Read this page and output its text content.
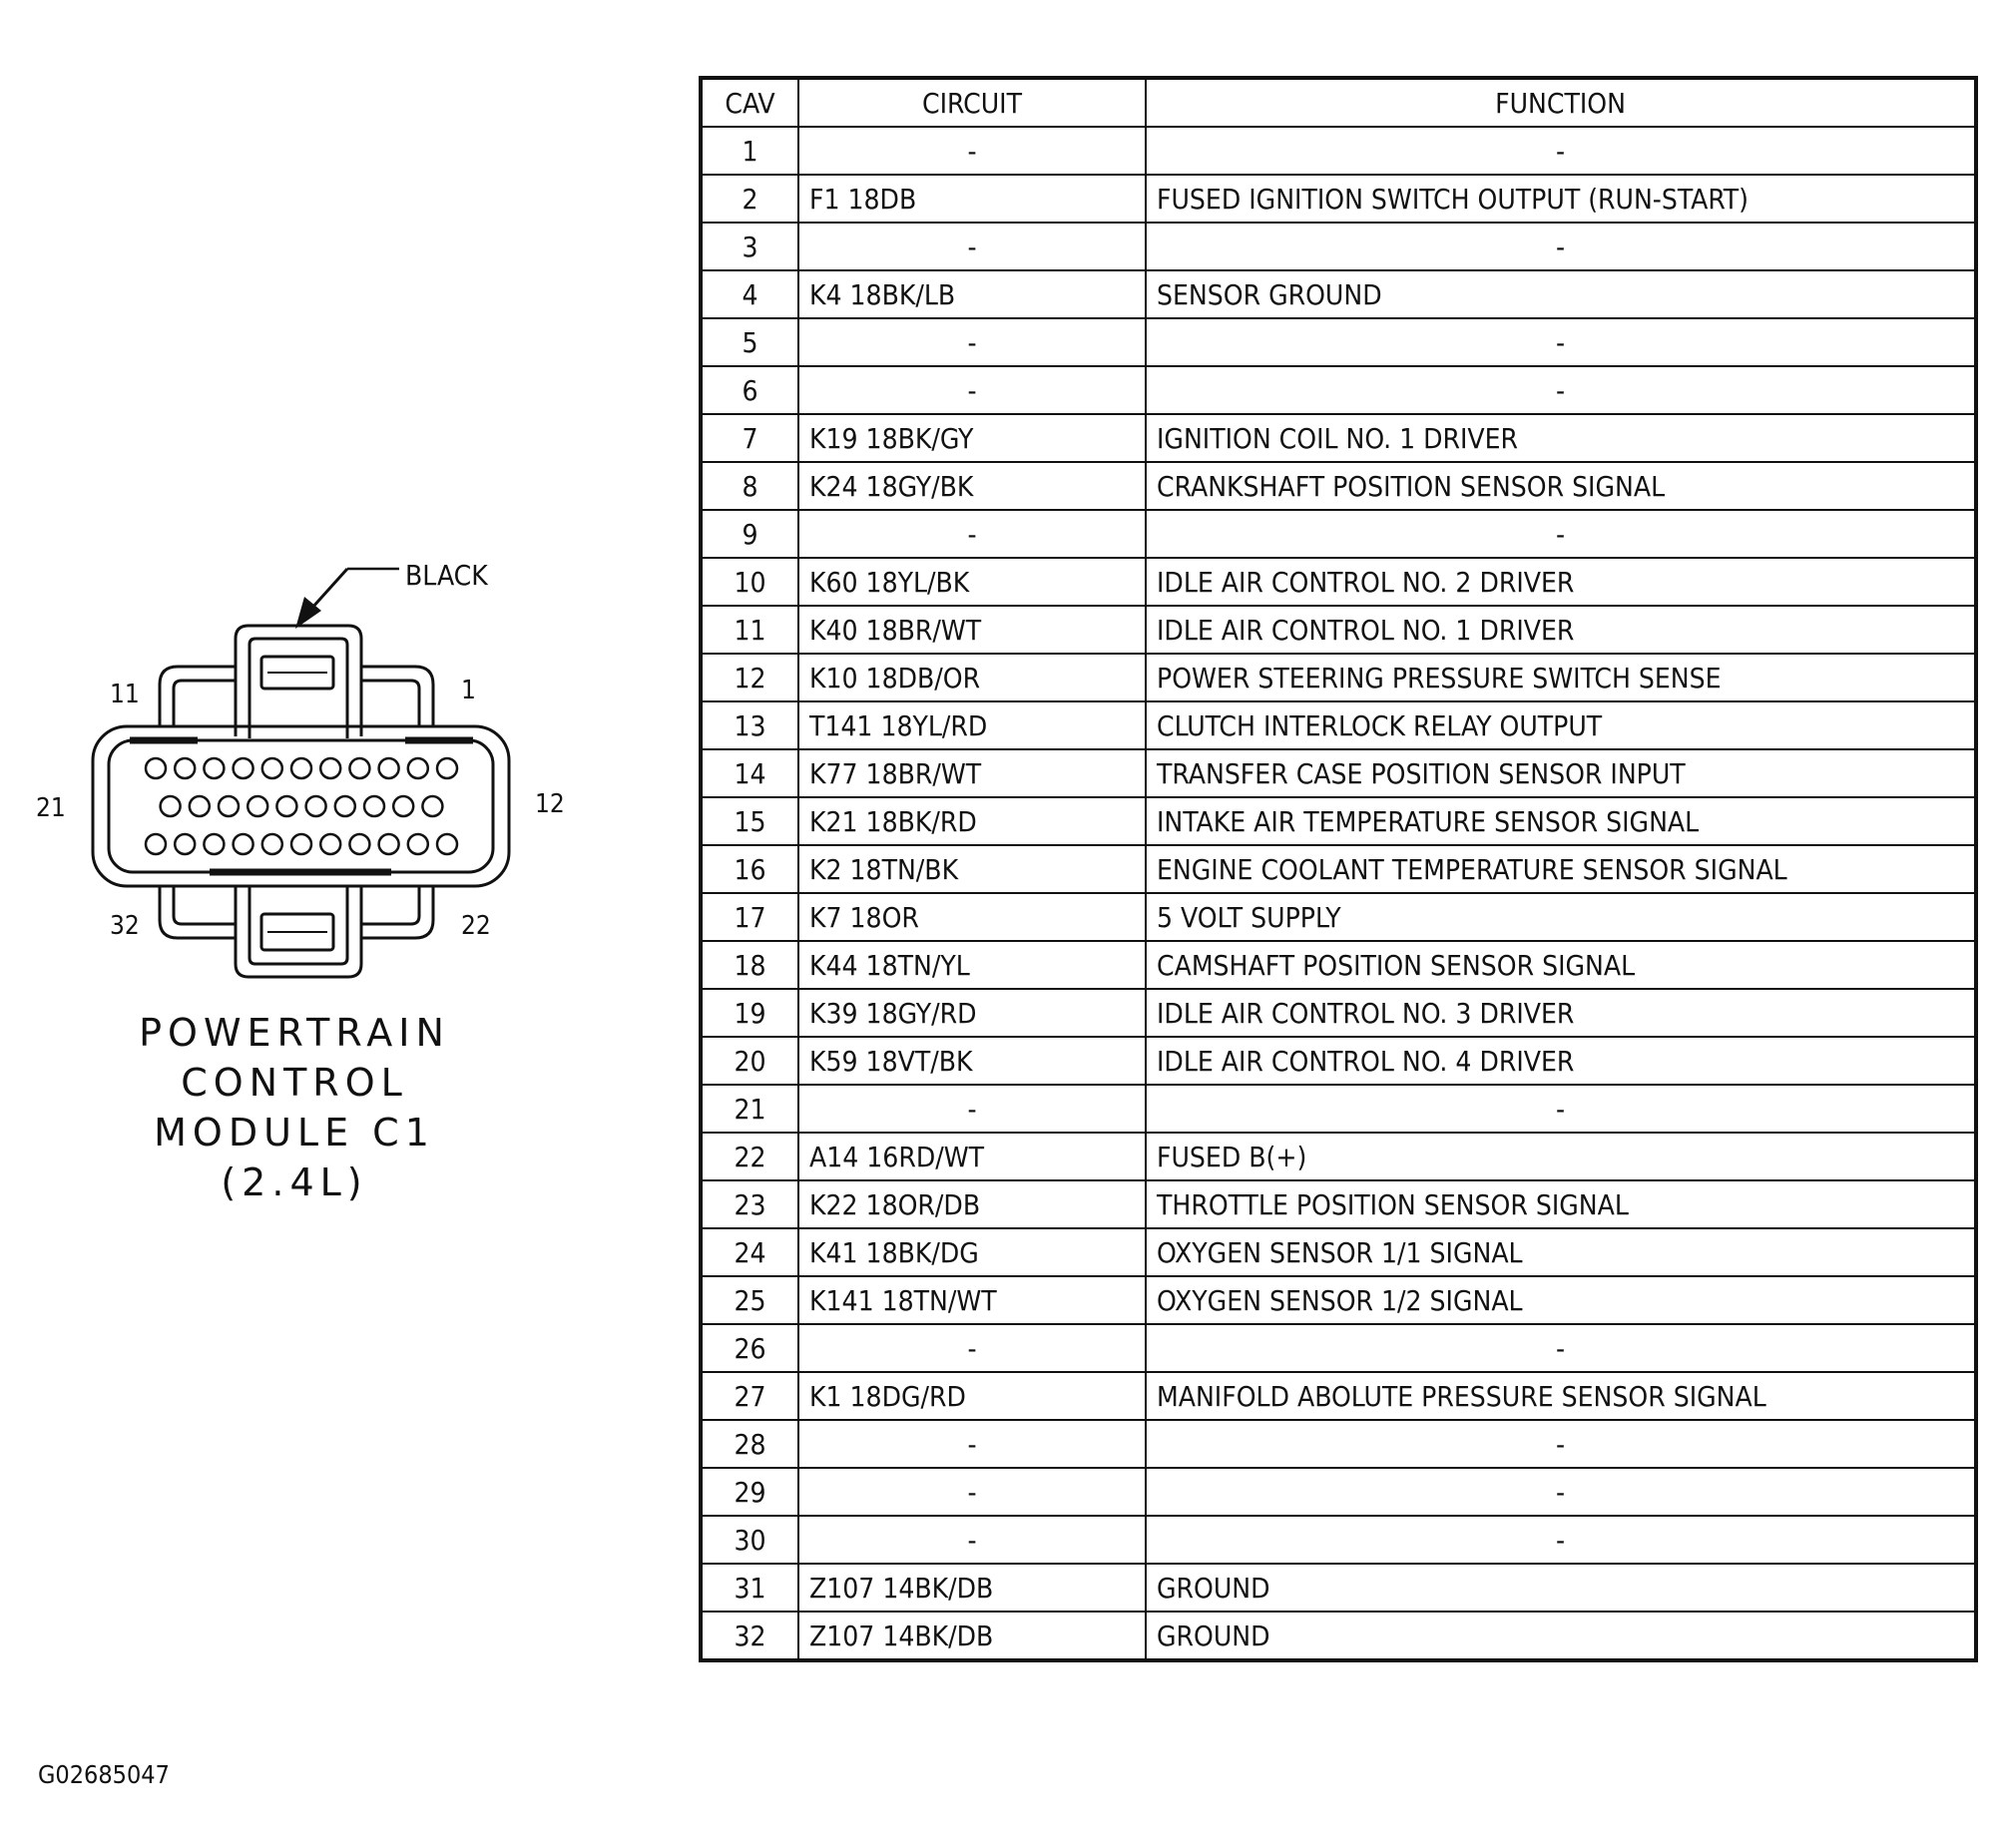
BLACK
11	1
21	12
32	22
POWERTRAIN
CONTROL
MODULE C1
(2.4L)
CAV	CIRCUIT	FUNCTION
1	-	-
2	F1 18DB	FUSED IGNITION SWITCH OUTPUT (RUN-START)
3	-	-
4	K4 18BK/LB	SENSOR GROUND
5	-	-
6	-	-
7	K19 18BK/GY	IGNITION COIL NO. 1 DRIVER
8	K24 18GY/BK	CRANKSHAFT POSITION SENSOR SIGNAL
9	-	-
10	K60 18YL/BK	IDLE AIR CONTROL NO. 2 DRIVER
11	K40 18BR/WT	IDLE AIR CONTROL NO. 1 DRIVER
12	K10 18DB/OR	POWER STEERING PRESSURE SWITCH SENSE
13	T141 18YL/RD	CLUTCH INTERLOCK RELAY OUTPUT
14	K77 18BR/WT	TRANSFER CASE POSITION SENSOR INPUT
15	K21 18BK/RD	INTAKE AIR TEMPERATURE SENSOR SIGNAL
16	K2 18TN/BK	ENGINE COOLANT TEMPERATURE SENSOR SIGNAL
17	K7 18OR	5 VOLT SUPPLY
18	K44 18TN/YL	CAMSHAFT POSITION SENSOR SIGNAL
19	K39 18GY/RD	IDLE AIR CONTROL NO. 3 DRIVER
20	K59 18VT/BK	IDLE AIR CONTROL NO. 4 DRIVER
21	-	-
22	A14 16RD/WT	FUSED B(+)
23	K22 18OR/DB	THROTTLE POSITION SENSOR SIGNAL
24	K41 18BK/DG	OXYGEN SENSOR 1/1 SIGNAL
25	K141 18TN/WT	OXYGEN SENSOR 1/2 SIGNAL
26	-	-
27	K1 18DG/RD	MANIFOLD ABOLUTE PRESSURE SENSOR SIGNAL
28	-	-
29	-	-
30	-	-
31	Z107 14BK/DB	GROUND
32	Z107 14BK/DB	GROUND
G02685047
